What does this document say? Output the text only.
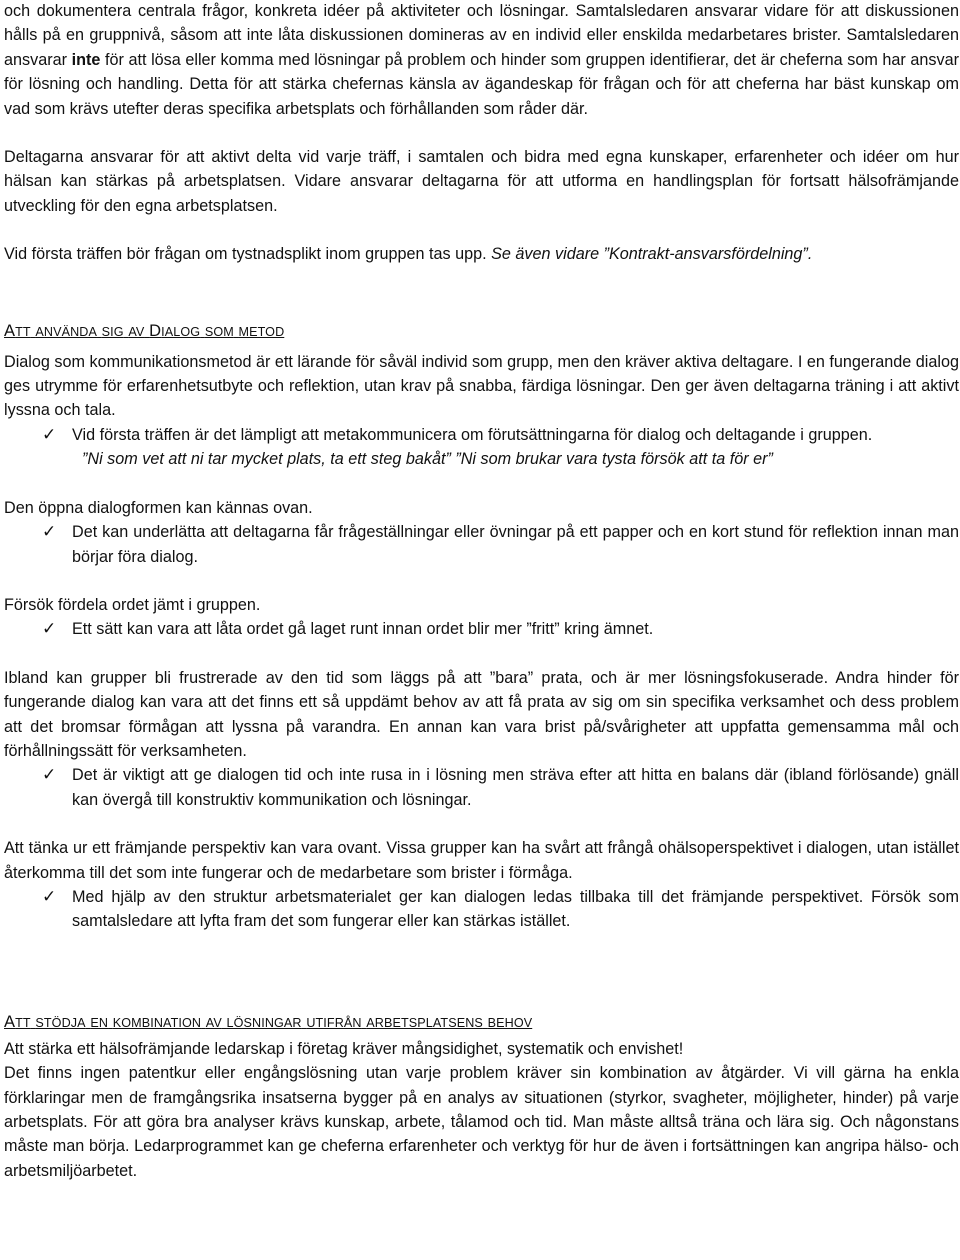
och dokumentera centrala frågor, konkreta idéer på aktiviteter och lösningar. Samtalsledaren ansvarar vidare för att diskussionen hålls på en gruppnivå, såsom att inte låta diskussionen domineras av en individ eller enskilda medarbetares brister. Samtalsledaren ansvarar inte för att lösa eller komma med lösningar på problem och hinder som gruppen identifierar, det är cheferna som har ansvar för lösning och handling. Detta för att stärka chefernas känsla av ägandeskap för frågan och för att cheferna har bäst kunskap om vad som krävs utefter deras specifika arbetsplats och förhållanden som råder där.

Deltagarna ansvarar för att aktivt delta vid varje träff, i samtalen och bidra med egna kunskaper, erfarenheter och idéer om hur hälsan kan stärkas på arbetsplatsen. Vidare ansvarar deltagarna för att utforma en handlingsplan för fortsatt hälsofrämjande utveckling för den egna arbetsplatsen.

Vid första träffen bör frågan om tystnadsplikt inom gruppen tas upp. Se även vidare ”Kontrakt-ansvarsfördelning”.

ATT ANVÄNDA SIG AV DIALOG SOM METOD

Dialog som kommunikationsmetod är ett lärande för såväl individ som grupp, men den kräver aktiva deltagare. I en fungerande dialog ges utrymme för erfarenhetsutbyte och reflektion, utan krav på snabba, färdiga lösningar. Den ger även deltagarna träning i att aktivt lyssna och tala.

✓ Vid första träffen är det lämpligt att metakommunicera om förutsättningarna för dialog och deltagande i gruppen.
”Ni som vet att ni tar mycket plats, ta ett steg bakåt” ”Ni som brukar vara tysta försök att ta för er”

Den öppna dialogformen kan kännas ovan.

✓ Det kan underlätta att deltagarna får frågeställningar eller övningar på ett papper och en kort stund för reflektion innan man börjar föra dialog.

Försök fördela ordet jämt i gruppen.

✓ Ett sätt kan vara att låta ordet gå laget runt innan ordet blir mer ”fritt” kring ämnet.

Ibland kan grupper bli frustrerade av den tid som läggs på att ”bara” prata, och är mer lösningsfokuserade. Andra hinder för fungerande dialog kan vara att det finns ett så uppdämt behov av att få prata av sig om sin specifika verksamhet och dess problem att det bromsar förmågan att lyssna på varandra. En annan kan vara brist på/svårigheter att uppfatta gemensamma mål och förhållningssätt för verksamheten.

✓ Det är viktigt att ge dialogen tid och inte rusa in i lösning men sträva efter att hitta en balans där (ibland förlösande) gnäll kan övergå till konstruktiv kommunikation och lösningar.

Att tänka ur ett främjande perspektiv kan vara ovant. Vissa grupper kan ha svårt att frångå ohälsoperspektivet i dialogen, utan istället återkomma till det som inte fungerar och de medarbetare som brister i förmåga.

✓ Med hjälp av den struktur arbetsmaterialet ger kan dialogen ledas tillbaka till det främjande perspektivet. Försök som samtalsledare att lyfta fram det som fungerar eller kan stärkas istället.
ATT STÖDJA EN KOMBINATION AV LÖSNINGAR UTIFRÅN ARBETSPLATSENS BEHOV

Att stärka ett hälsofrämjande ledarskap i företag kräver mångsidighet, systematik och envishet!

Det finns ingen patentkur eller engångslösning utan varje problem kräver sin kombination av åtgärder. Vi vill gärna ha enkla förklaringar men de framgångsrika insatserna bygger på en analys av situationen (styrkor, svagheter, möjligheter, hinder) på varje arbetsplats. För att göra bra analyser krävs kunskap, arbete, tålamod och tid. Man måste alltså träna och lära sig. Och någonstans måste man börja. Ledarprogrammet kan ge cheferna erfarenheter och verktyg för hur de även i fortsättningen kan angripa hälso- och arbetsmiljöarbetet.
